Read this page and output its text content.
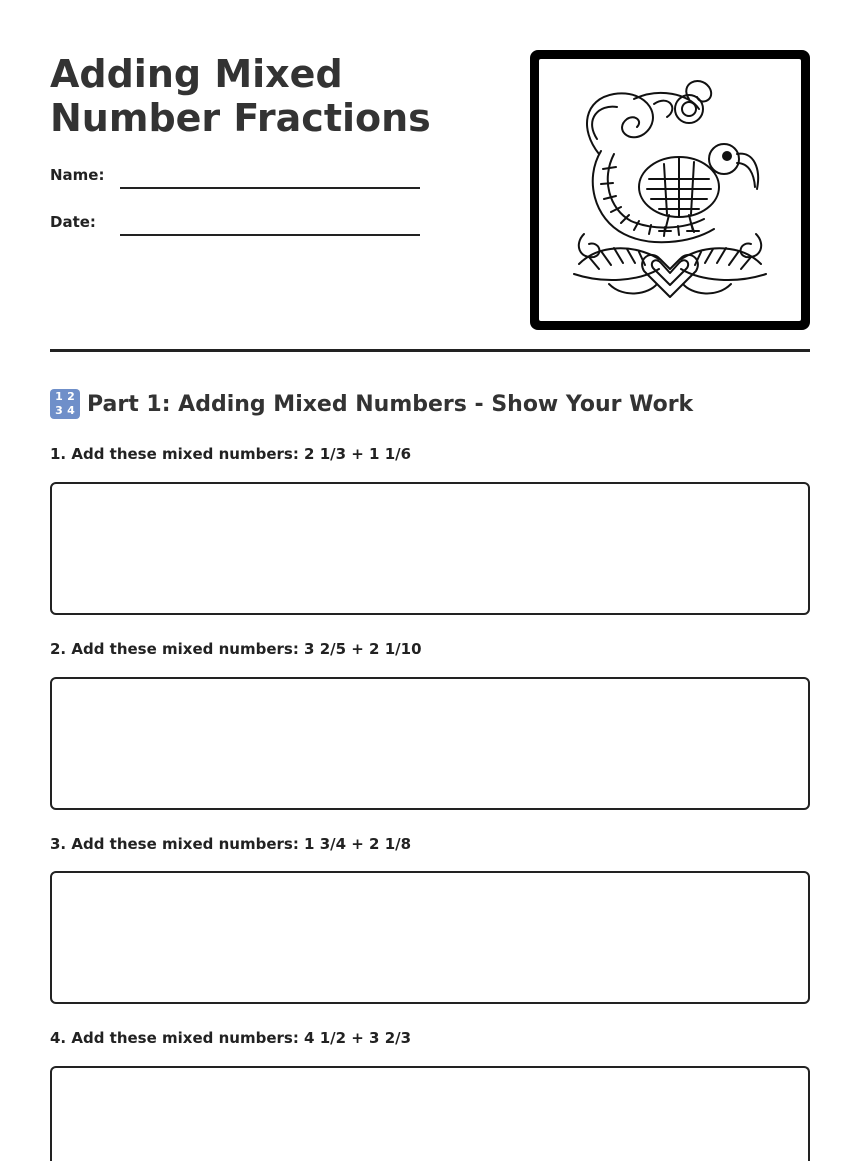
Adding Mixed Number Fractions
Name:
Date:
1 2
3 4 Part 1: Adding Mixed Numbers - Show Your Work
1. Add these mixed numbers: 2 1/3 + 1 1/6
2. Add these mixed numbers: 3 2/5 + 2 1/10
3. Add these mixed numbers: 1 3/4 + 2 1/8
4. Add these mixed numbers: 4 1/2 + 3 2/3
